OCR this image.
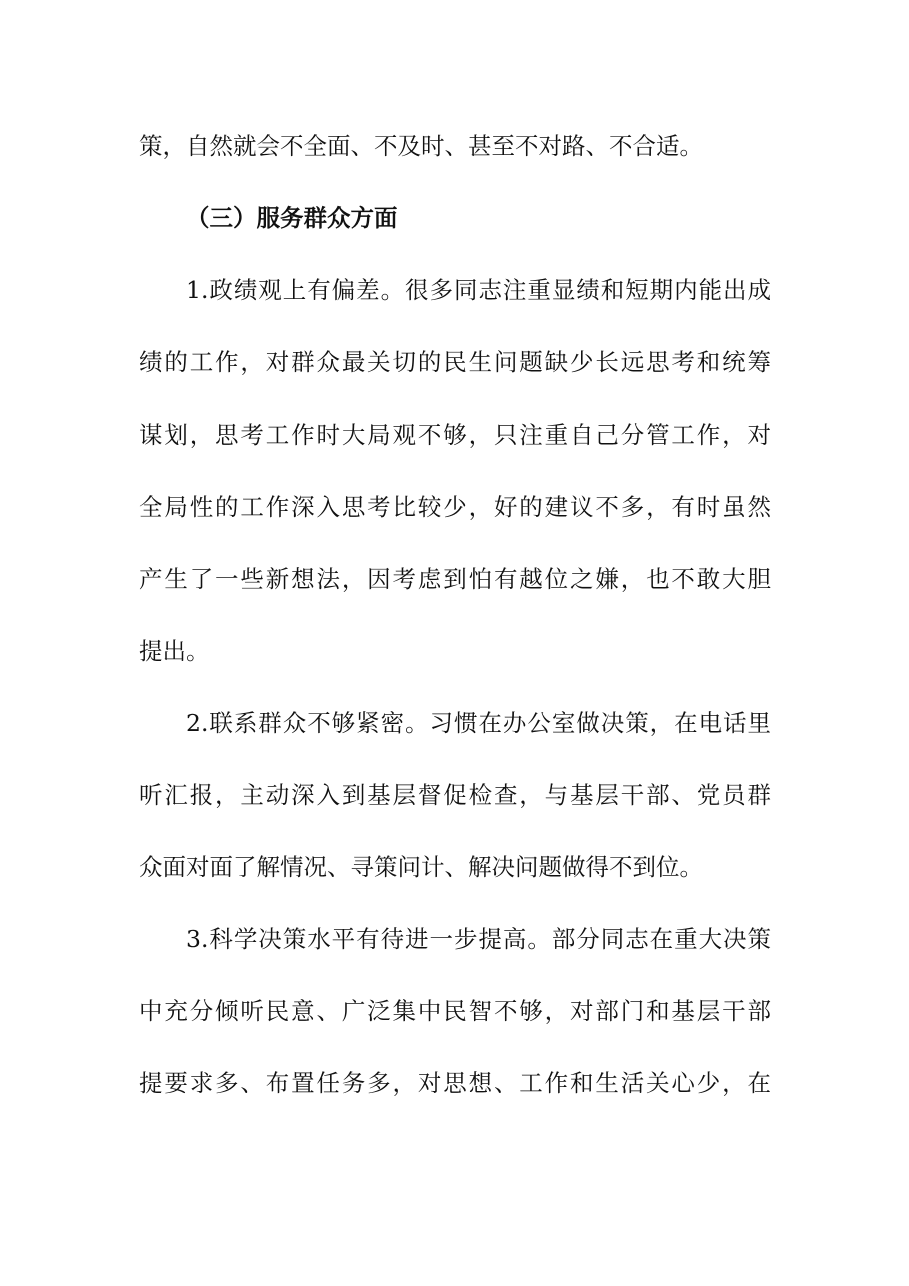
策，自然就会不全面、不及时、甚至不对路、不合适。
（三）服务群众方面
1.政绩观上有偏差。很多同志注重显绩和短期内能出成
绩的工作，对群众最关切的民生问题缺少长远思考和统筹
谋划，思考工作时大局观不够，只注重自己分管工作，对
全局性的工作深入思考比较少，好的建议不多，有时虽然
产生了一些新想法，因考虑到怕有越位之嫌，也不敢大胆
提出。
2.联系群众不够紧密。习惯在办公室做决策，在电话里
听汇报，主动深入到基层督促检查，与基层干部、党员群
众面对面了解情况、寻策问计、解决问题做得不到位。
3.科学决策水平有待进一步提高。部分同志在重大决策
中充分倾听民意、广泛集中民智不够，对部门和基层干部
提要求多、布置任务多，对思想、工作和生活关心少，在
